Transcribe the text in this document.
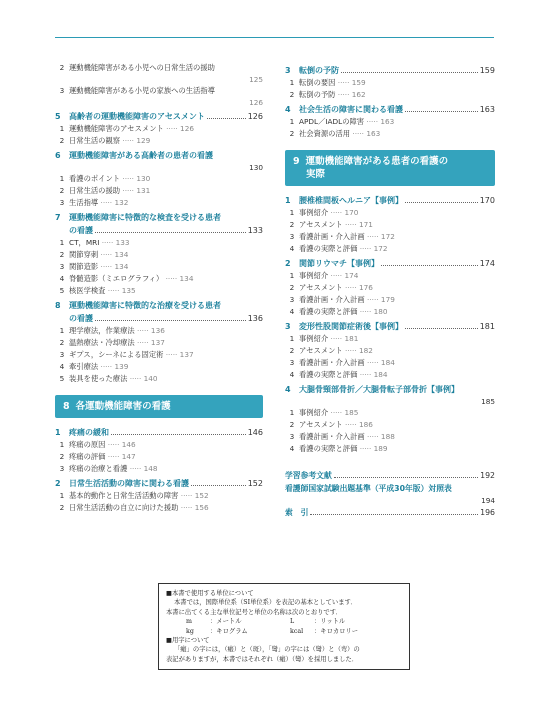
2 運動機能障害がある小児への日常生活の援助
125
3 運動機能障害がある小児の家族への生活指導
126
5	高齢者の運動機能障害のアセスメント	126
1 運動機能障害のアセスメント ····· 126
2 日常生活の観察 ····· 129
6 運動機能障害がある高齢者の患者の看護
130
1 看護のポイント ····· 130
2 日常生活の援助 ····· 131
3 生活指導 ····· 132
7 運動機能障害に特徴的な検査を受ける患者
の看護	133
1 CT，MRI ····· 133
2 関節穿刺 ····· 134
3 関節造影 ····· 134
4 脊髄造影（ミエログラフィ） ····· 134
5 核医学検査 ····· 135
8 運動機能障害に特徴的な治療を受ける患者
の看護	136
1 理学療法，作業療法 ····· 136
2 温熱療法・冷却療法 ····· 137
3 ギプス，シーネによる固定術 ····· 137
4 牽引療法 ····· 139
5 装具を使った療法 ····· 140
8 各運動機能障害の看護
1	疼痛の緩和	146
1 疼痛の原因 ····· 146
2 疼痛の評価 ····· 147
3 疼痛の治療と看護 ····· 148
2	日常生活活動の障害に関わる看護	152
1 基本的動作と日常生活活動の障害 ····· 152
2 日常生活活動の自立に向けた援助 ····· 156
3	転倒の予防	159
1 転倒の要因 ····· 159
2 転倒の予防 ····· 162
4	社会生活の障害に関わる看護	163
1 APDL／IADLの障害 ····· 163
2 社会資源の活用 ····· 163
9 運動機能障害がある患者の看護の
実際
1	腰椎椎間板ヘルニア【事例】	170
1 事例紹介 ····· 170
2 アセスメント ····· 171
3 看護計画・介入計画 ····· 172
4 看護の実際と評価 ····· 172
2	関節リウマチ【事例】	174
1 事例紹介 ····· 174
2 アセスメント ····· 176
3 看護計画・介入計画 ····· 179
4 看護の実際と評価 ····· 180
3	変形性股関節症術後【事例】	181
1 事例紹介 ····· 181
2 アセスメント ····· 182
3 看護計画・介入計画 ····· 184
4 看護の実際と評価 ····· 184
4 大腿骨頸部骨折／大腿骨転子部骨折【事例】
185
1 事例紹介 ····· 185
2 アセスメント ····· 186
3 看護計画・介入計画 ····· 188
4 看護の実際と評価 ····· 189
学習参考文献	192
看護師国家試験出題基準（平成30年版）対照表
194
索　引	196
■本書で使用する単位について
本書では，国際単位系（SI単位系）を表記の基本としています．
本書に出てくる主な単位記号と単位の名称は次のとおりです．
m	：メートル	L	：リットル
kg	：キログラム	kcal	：キロカロリー
■用字について
「瘢」の字には，（瘢）と（斑），「彎」の字には（彎）と（弯）の
表記がありますが，本書ではそれぞれ（瘢）（彎）を採用しました．
